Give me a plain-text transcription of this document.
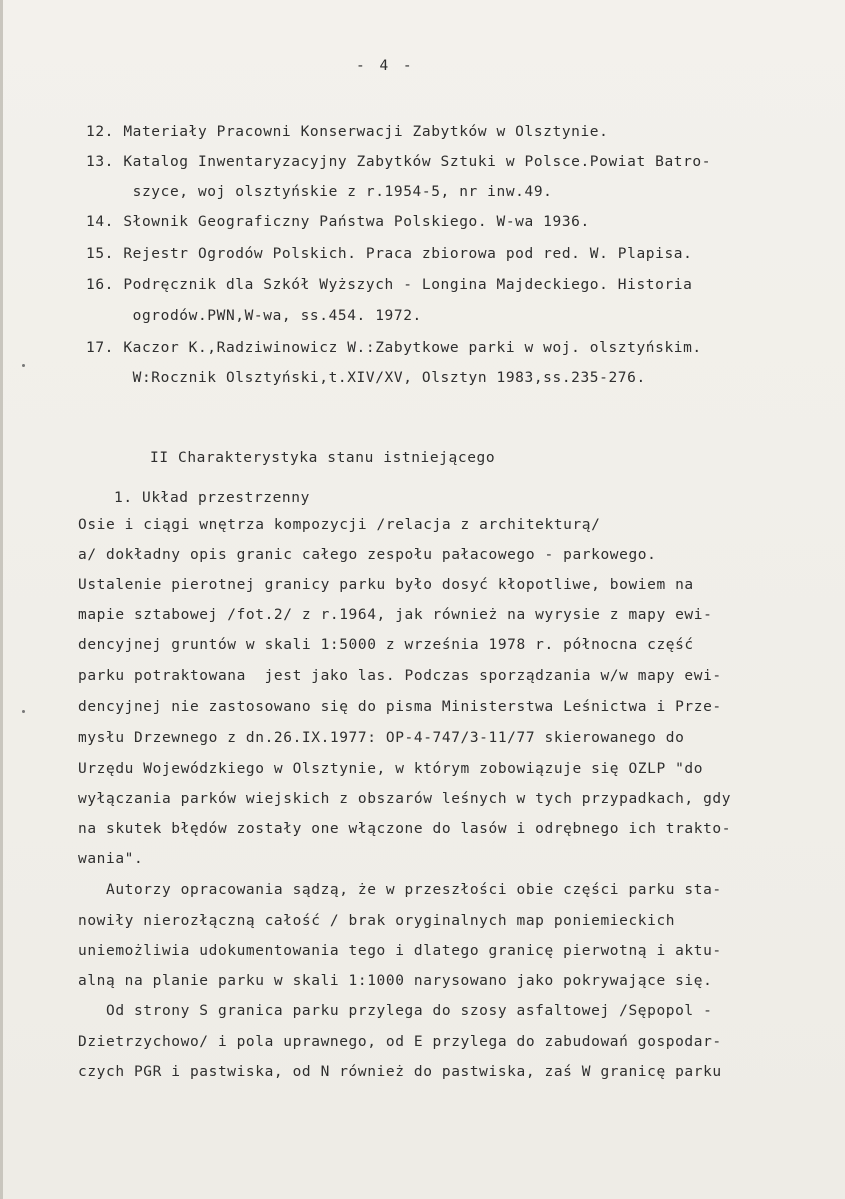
- 4 -
12. Materiały Pracowni Konserwacji Zabytków w Olsztynie.
13. Katalog Inwentaryzacyjny Zabytków Sztuki w Polsce.Powiat Batro-
szyce, woj olsztyńskie z r.1954-5, nr inw.49.
14. Słownik Geograficzny Państwa Polskiego. W-wa 1936.
15. Rejestr Ogrodów Polskich. Praca zbiorowa pod red. W. Plapisa.
16. Podręcznik dla Szkół Wyższych - Longina Majdeckiego. Historia
ogrodów.PWN,W-wa, ss.454. 1972.
17. Kaczor K.,Radziwinowicz W.:Zabytkowe parki w woj. olsztyńskim.
W:Rocznik Olsztyński,t.XIV/XV, Olsztyn 1983,ss.235-276.
II Charakterystyka stanu istniejącego
1. Układ przestrzenny
Osie i ciągi wnętrza kompozycji /relacja z architekturą/
a/ dokładny opis granic całego zespołu pałacowego - parkowego.
Ustalenie pierotnej granicy parku było dosyć kłopotliwe, bowiem na
mapie sztabowej /fot.2/ z r.1964, jak również na wyrysie z mapy ewi-
dencyjnej gruntów w skali 1:5000 z września 1978 r. północna część
parku potraktowana  jest jako las. Podczas sporządzania w/w mapy ewi-
dencyjnej nie zastosowano się do pisma Ministerstwa Leśnictwa i Prze-
mysłu Drzewnego z dn.26.IX.1977: OP-4-747/3-11/77 skierowanego do
Urzędu Wojewódzkiego w Olsztynie, w którym zobowiązuje się OZLP "do
wyłączania parków wiejskich z obszarów leśnych w tych przypadkach, gdy
na skutek błędów zostały one włączone do lasów i odrębnego ich trakto-
wania".
Autorzy opracowania sądzą, że w przeszłości obie części parku sta-
nowiły nierozłączną całość / brak oryginalnych map poniemieckich
uniemożliwia udokumentowania tego i dlatego granicę pierwotną i aktu-
alną na planie parku w skali 1:1000 narysowano jako pokrywające się.
Od strony S granica parku przylega do szosy asfaltowej /Sępopol -
Dzietrzychowo/ i pola uprawnego, od E przylega do zabudowań gospodar-
czych PGR i pastwiska, od N również do pastwiska, zaś W granicę parku
